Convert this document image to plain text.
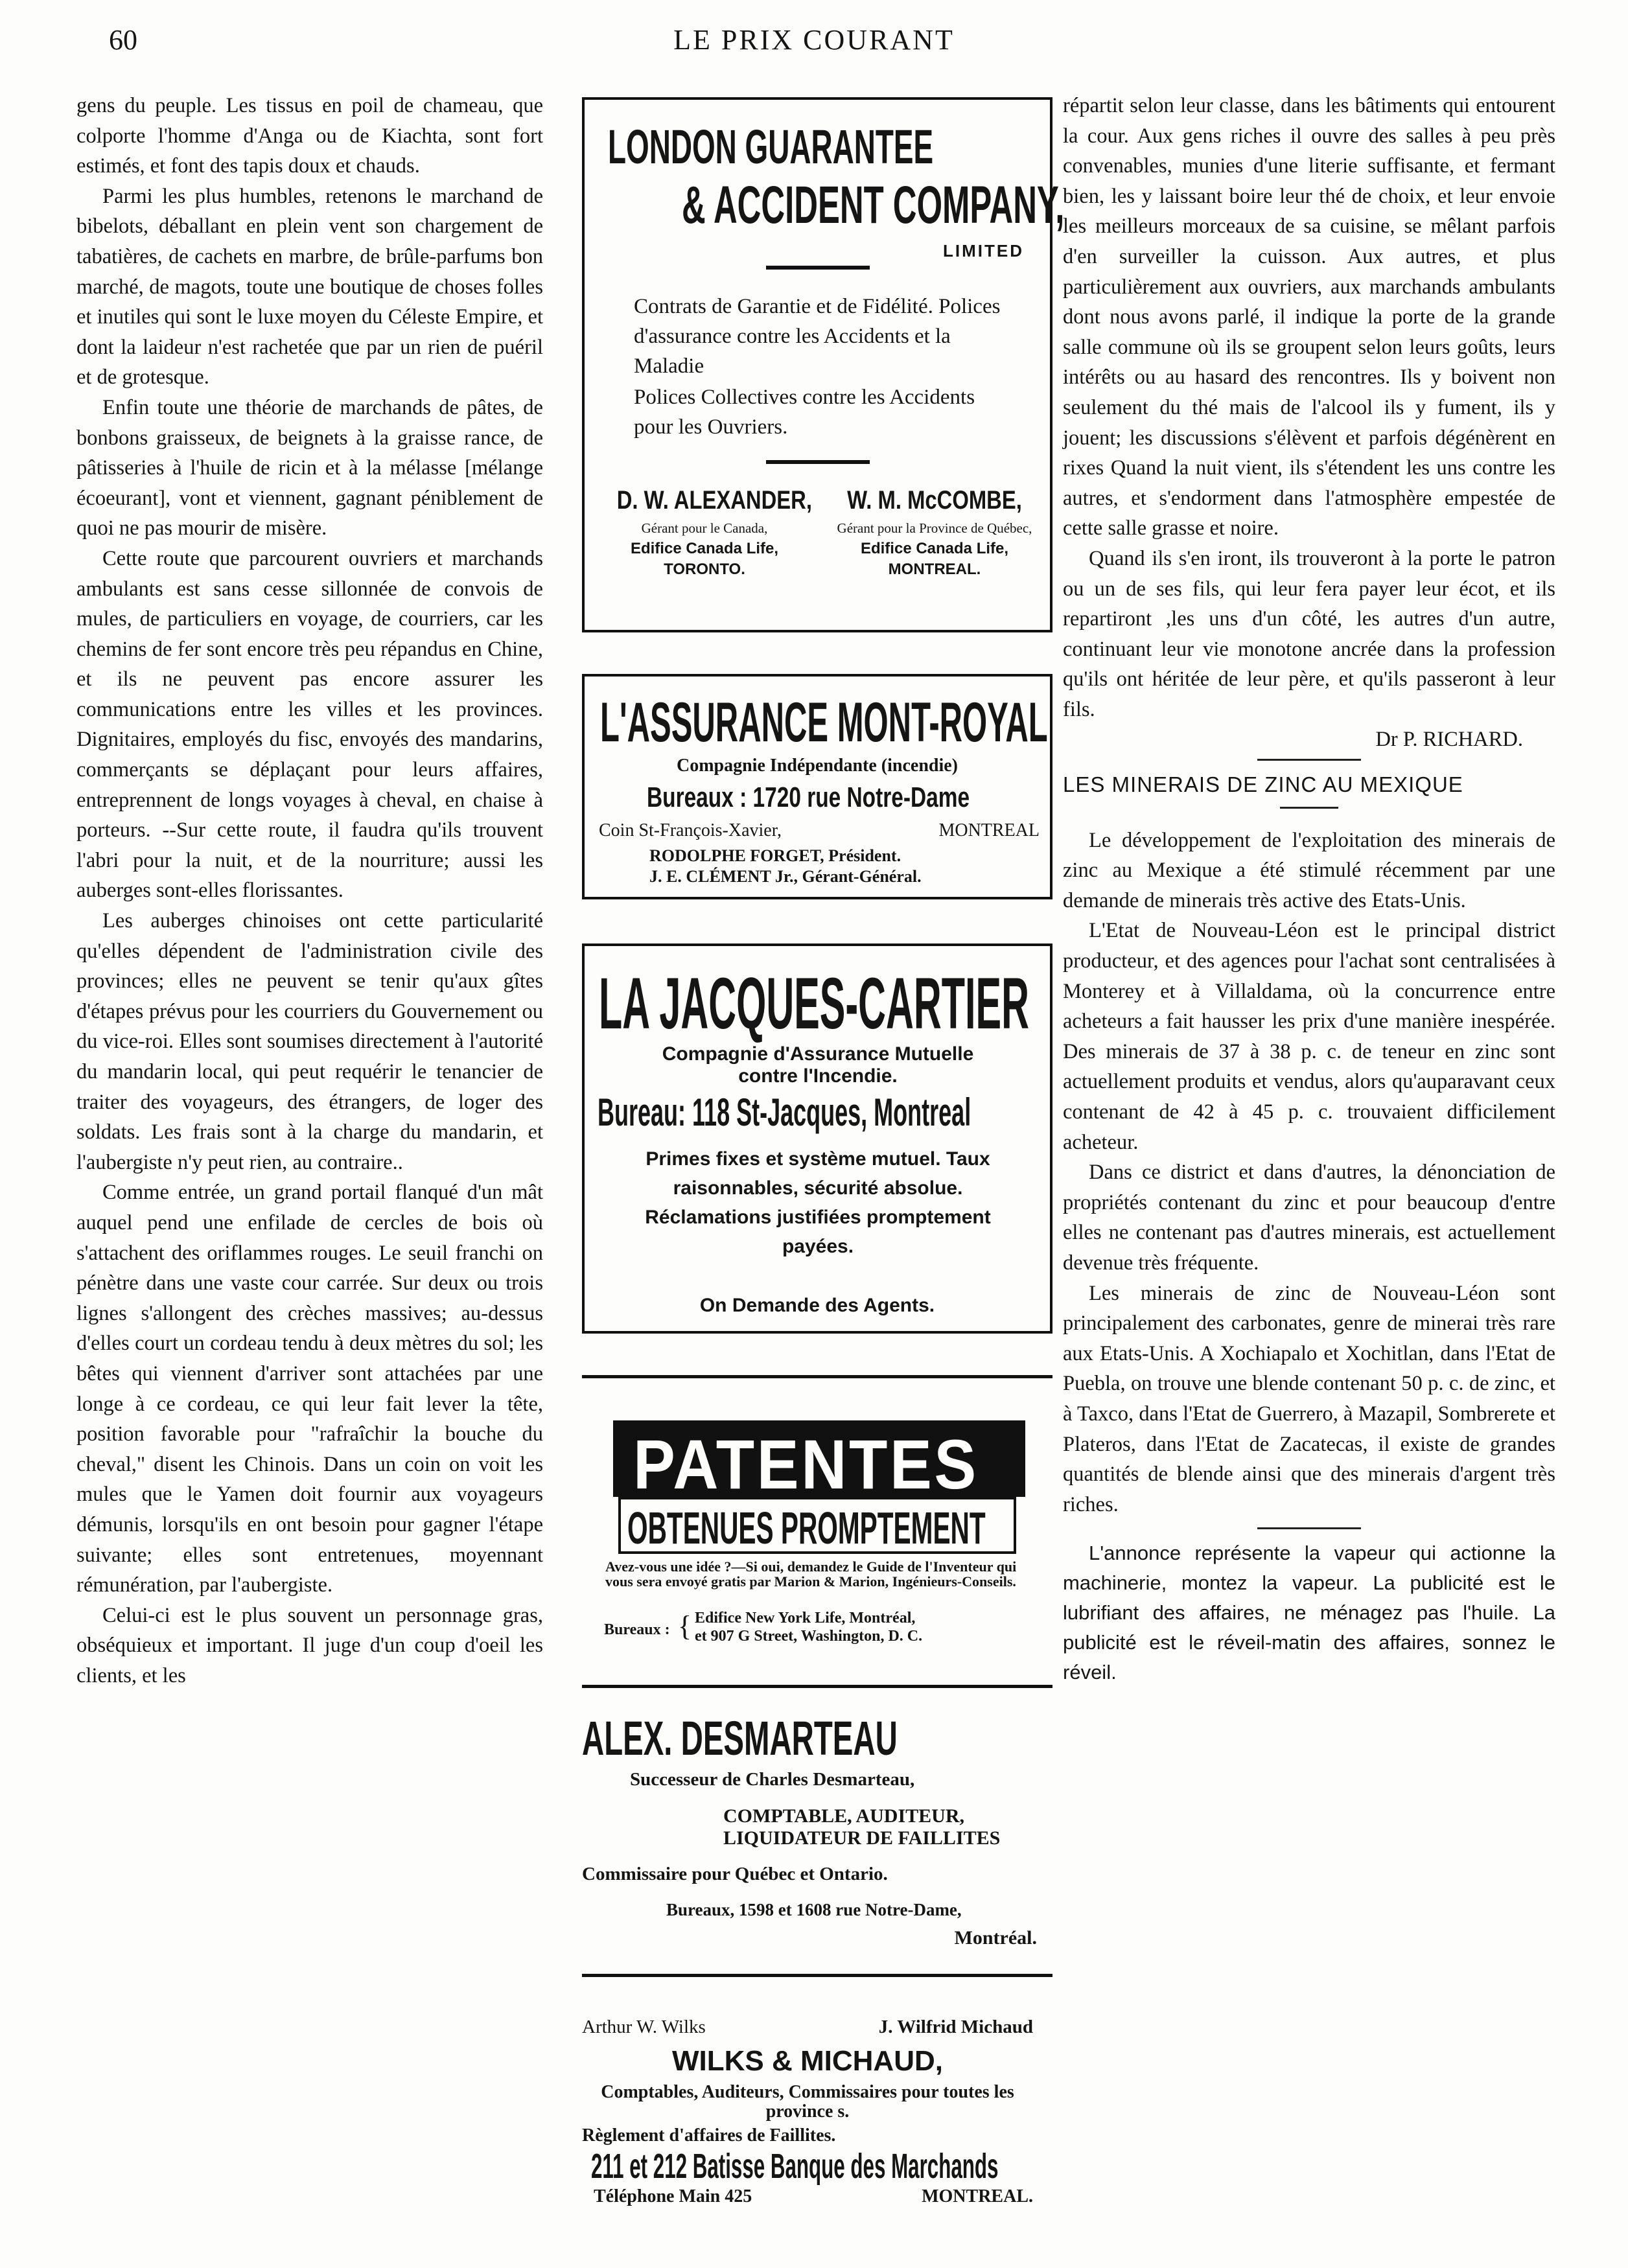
60	LE PRIX COURANT

gens du peuple. Les tissus en poil de chameau, que colporte l'homme d'Anga ou de Kiachta, sont fort estimés, et font des tapis doux et chauds.

Parmi les plus humbles, retenons le marchand de bibelots, déballant en plein vent son chargement de tabatières, de cachets en marbre, de brûle-parfums bon marché, de magots, toute une boutique de choses folles et inutiles qui sont le luxe moyen du Céleste Empire, et dont la laideur n'est rachetée que par un rien de puéril et de grotesque.

Enfin toute une théorie de marchands de pâtes, de bonbons graisseux, de beignets à la graisse rance, de pâtisseries à l'huile de ricin et à la mélasse [mélange écoeurant], vont et viennent, gagnant péniblement de quoi ne pas mourir de misère.

Cette route que parcourent ouvriers et marchands ambulants est sans cesse sillonnée de convois de mules, de particuliers en voyage, de courriers, car les chemins de fer sont encore très peu répandus en Chine, et ils ne peuvent pas encore assurer les communications entre les villes et les provinces. Dignitaires, employés du fisc, envoyés des mandarins, commerçants se déplaçant pour leurs affaires, entreprennent de longs voyages à cheval, en chaise à porteurs. --Sur cette route, il faudra qu'ils trouvent l'abri pour la nuit, et de la nourriture; aussi les auberges sont-elles florissantes.

Les auberges chinoises ont cette particularité qu'elles dépendent de l'administration civile des provinces; elles ne peuvent se tenir qu'aux gîtes d'étapes prévus pour les courriers du Gouvernement ou du vice-roi. Elles sont soumises directement à l'autorité du mandarin local, qui peut requérir le tenancier de traiter des voyageurs, des étrangers, de loger des soldats. Les frais sont à la charge du mandarin, et l'aubergiste n'y peut rien, au contraire..

Comme entrée, un grand portail flanqué d'un mât auquel pend une enfilade de cercles de bois où s'attachent des oriflammes rouges. Le seuil franchi on pénètre dans une vaste cour carrée. Sur deux ou trois lignes s'allongent des crèches massives; au-dessus d'elles court un cordeau tendu à deux mètres du sol; les bêtes qui viennent d'arriver sont attachées par une longe à ce cordeau, ce qui leur fait lever la tête, position favorable pour "rafraîchir la bouche du cheval," disent les Chinois. Dans un coin on voit les mules que le Yamen doit fournir aux voyageurs démunis, lorsqu'ils en ont besoin pour gagner l'étape suivante; elles sont entretenues, moyennant rémunération, par l'aubergiste.

Celui-ci est le plus souvent un personnage gras, obséquieux et important. Il juge d'un coup d'oeil les clients, et les

LONDON GUARANTEE
& ACCIDENT COMPANY,
LIMITED
Contrats de Garantie et de Fidélité. Polices d'assurance contre les Accidents et la Maladie
Polices Collectives contre les Accidents pour les Ouvriers.
D. W. ALEXANDER,
Gérant pour le Canada,
Edifice Canada Life,
TORONTO.
W. M. McCOMBE,
Gérant pour la Province de Québec,
Edifice Canada Life,
MONTREAL.
L'ASSURANCE MONT-ROYAL
Compagnie Indépendante (incendie)
Bureaux : 1720 rue Notre-Dame
Coin St-François-Xavier,	MONTREAL
RODOLPHE FORGET, Président.
J. E. CLÉMENT Jr., Gérant-Général.
LA JACQUES-CARTIER
Compagnie d'Assurance Mutuelle contre l'Incendie.
Bureau: 118 St-Jacques, Montreal
Primes fixes et système mutuel. Taux raisonnables, sécurité absolue. Réclamations justifiées promptement payées.
On Demande des Agents.
PATENTES
OBTENUES PROMPTEMENT
Avez-vous une idée ?—Si oui, demandez le Guide de l'Inventeur qui vous sera envoyé gratis par Marion & Marion, Ingénieurs-Conseils.
Bureaux : { Edifice New York Life, Montréal,
et 907 G Street, Washington, D. C.
ALEX. DESMARTEAU
Successeur de Charles Desmarteau,
COMPTABLE, AUDITEUR,
LIQUIDATEUR DE FAILLITES
Commissaire pour Québec et Ontario.
Bureaux, 1598 et 1608 rue Notre-Dame,
Montréal.
Arthur W. Wilks	J. Wilfrid Michaud
WILKS & MICHAUD,
Comptables, Auditeurs, Commissaires pour toutes les province s.
Règlement d'affaires de Faillites.
211 et 212 Batisse Banque des Marchands
Téléphone Main 425	MONTREAL.

répartit selon leur classe, dans les bâtiments qui entourent la cour. Aux gens riches il ouvre des salles à peu près convenables, munies d'une literie suffisante, et fermant bien, les y laissant boire leur thé de choix, et leur envoie les meilleurs morceaux de sa cuisine, se mêlant parfois d'en surveiller la cuisson. Aux autres, et plus particulièrement aux ouvriers, aux marchands ambulants dont nous avons parlé, il indique la porte de la grande salle commune où ils se groupent selon leurs goûts, leurs intérêts ou au hasard des rencontres. Ils y boivent non seulement du thé mais de l'alcool ils y fument, ils y jouent; les discussions s'élèvent et parfois dégénèrent en rixes Quand la nuit vient, ils s'étendent les uns contre les autres, et s'endorment dans l'atmosphère empestée de cette salle grasse et noire.

Quand ils s'en iront, ils trouveront à la porte le patron ou un de ses fils, qui leur fera payer leur écot, et ils repartiront ,les uns d'un côté, les autres d'un autre, continuant leur vie monotone ancrée dans la profession qu'ils ont héritée de leur père, et qu'ils passeront à leur fils.

Dr P. RICHARD.

LES MINERAIS DE ZINC AU MEXIQUE

Le développement de l'exploitation des minerais de zinc au Mexique a été stimulé récemment par une demande de minerais très active des Etats-Unis.

L'Etat de Nouveau-Léon est le principal district producteur, et des agences pour l'achat sont centralisées à Monterey et à Villaldama, où la concurrence entre acheteurs a fait hausser les prix d'une manière inespérée. Des minerais de 37 à 38 p. c. de teneur en zinc sont actuellement produits et vendus, alors qu'auparavant ceux contenant de 42 à 45 p. c. trouvaient difficilement acheteur.

Dans ce district et dans d'autres, la dénonciation de propriétés contenant du zinc et pour beaucoup d'entre elles ne contenant pas d'autres minerais, est actuellement devenue très fréquente.

Les minerais de zinc de Nouveau-Léon sont principalement des carbonates, genre de minerai très rare aux Etats-Unis. A Xochiapalo et Xochitlan, dans l'Etat de Puebla, on trouve une blende contenant 50 p. c. de zinc, et à Taxco, dans l'Etat de Guerrero, à Mazapil, Sombrerete et Plateros, dans l'Etat de Zacatecas, il existe de grandes quantités de blende ainsi que des minerais d'argent très riches.

L'annonce représente la vapeur qui actionne la machinerie, montez la vapeur. La publicité est le lubrifiant des affaires, ne ménagez pas l'huile. La publicité est le réveil-matin des affaires, sonnez le réveil.
